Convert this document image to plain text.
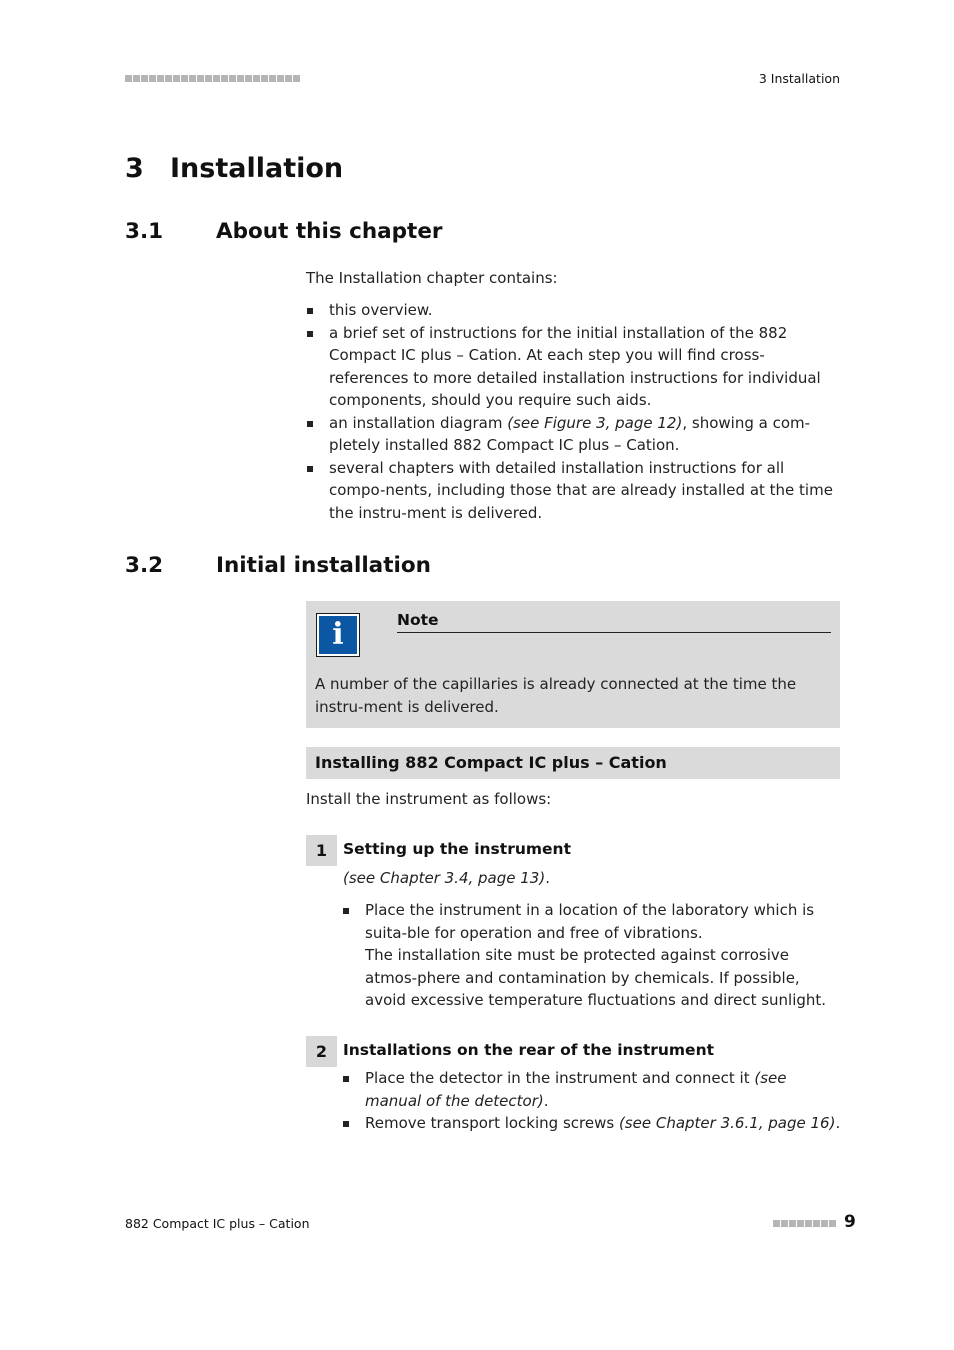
3 Installation
3 Installation
3.1 About this chapter
The Installation chapter contains:
this overview.
a brief set of instructions for the initial installation of the 882 Compact IC plus – Cation. At each step you will find cross-references to more detailed installation instructions for individual components, should you require such aids.
an installation diagram (see Figure 3, page 12), showing a com-pletely installed 882 Compact IC plus – Cation.
several chapters with detailed installation instructions for all compo-nents, including those that are already installed at the time the instru-ment is delivered.
3.2 Initial installation
i	Note
A number of the capillaries is already connected at the time the instru-ment is delivered.
Installing 882 Compact IC plus – Cation
Install the instrument as follows:
1	Setting up the instrument
(see Chapter 3.4, page 13).
Place the instrument in a location of the laboratory which is suita-ble for operation and free of vibrations.
The installation site must be protected against corrosive atmos-phere and contamination by chemicals. If possible, avoid excessive temperature fluctuations and direct sunlight.
2	Installations on the rear of the instrument
Place the detector in the instrument and connect it (see manual of the detector).
Remove transport locking screws (see Chapter 3.6.1, page 16).
882 Compact IC plus – Cation	9
